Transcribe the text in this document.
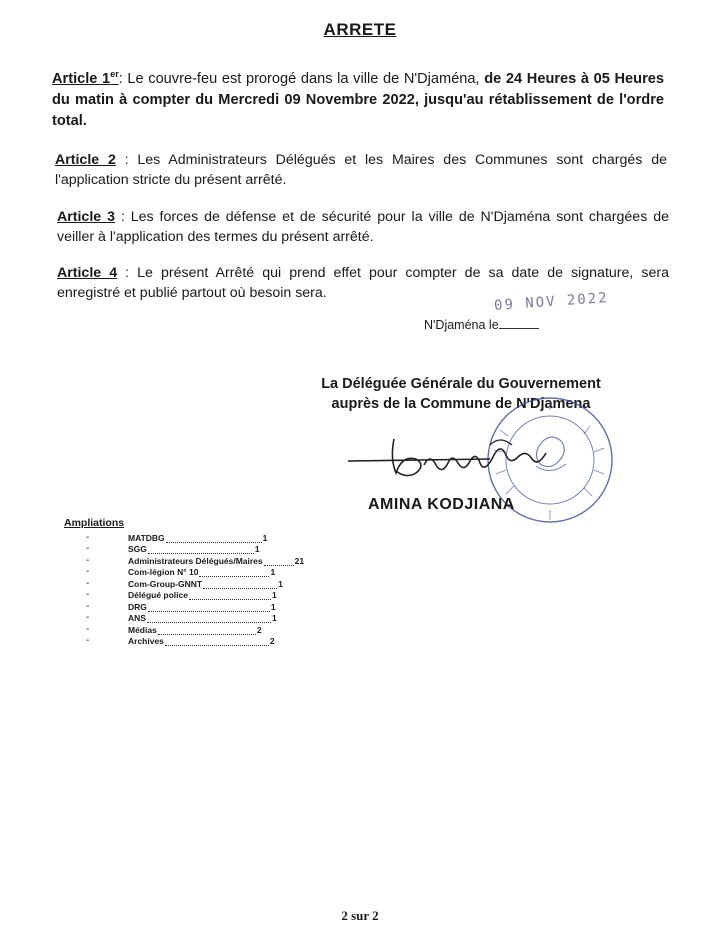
ARRETE
Article 1er: Le couvre-feu est prorogé dans la ville de N'Djaména, de 24 Heures à 05 Heures du matin à compter du Mercredi 09 Novembre 2022, jusqu'au rétablissement de l'ordre total.
Article 2 : Les Administrateurs Délégués et les Maires des Communes sont chargés de l'application stricte du présent arrêté.
Article 3 : Les forces de défense et de sécurité pour la ville de N'Djaména sont chargées de veiller à l'application des termes du présent arrêté.
Article 4 : Le présent Arrêté qui prend effet pour compter de sa date de signature, sera enregistré et publié partout où besoin sera.	09 NOV 2022
N'Djaména le
La Déléguée Générale du Gouvernement
auprès de la Commune de N'Djamena
AMINA KODJIANA
Ampliations
-	MATDBG	1
-	SGG	1
-	Administrateurs Délégués/Maires	21
-	Com-légion N° 10	1
-	Com-Group-GNNT	1
-	Délégué police	1
-	DRG	1
-	ANS	1
-	Médias	2
-	Archives	2
2 sur 2
